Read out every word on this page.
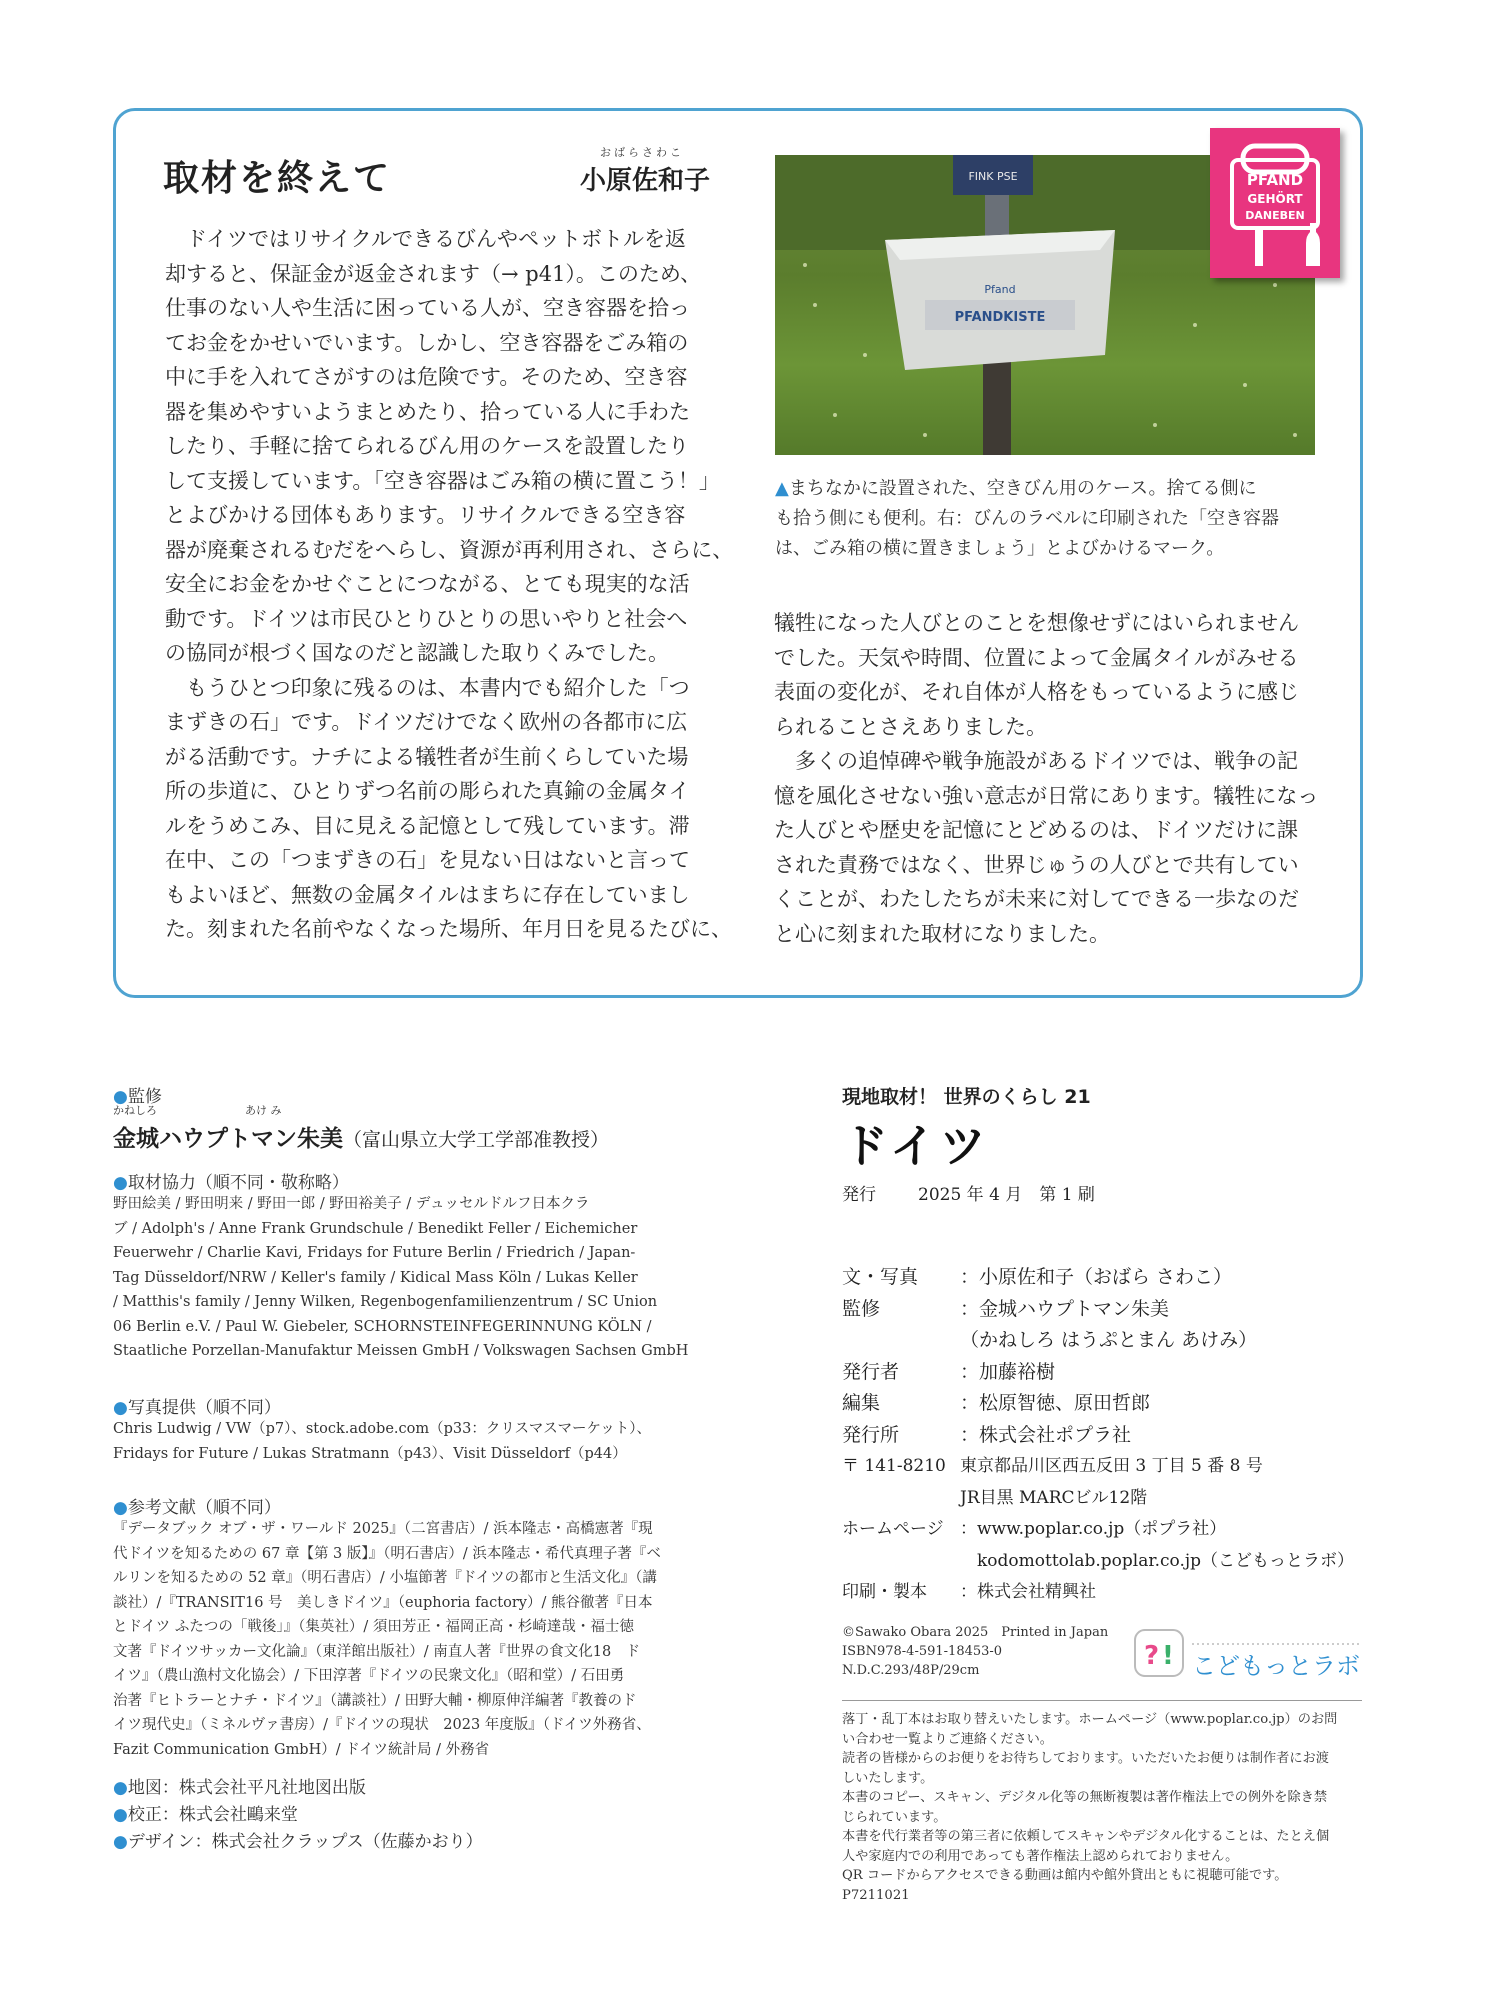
取材を終えて
おばらさわこ
小原佐和子

　ドイツではリサイクルできるびんやペットボトルを返

却すると、保証金が返金されます（→ p41）。このため、

仕事のない人や生活に困っている人が、空き容器を拾っ

てお金をかせいでいます。しかし、空き容器をごみ箱の

中に手を入れてさがすのは危険です。そのため、空き容

器を集めやすいようまとめたり、拾っている人に手わた

したり、手軽に捨てられるびん用のケースを設置したり

して支援しています。「空き容器はごみ箱の横に置こう！」

とよびかける団体もあります。リサイクルできる空き容

器が廃棄されるむだをへらし、資源が再利用され、さらに、

安全にお金をかせぐことにつながる、とても現実的な活

動です。ドイツは市民ひとりひとりの思いやりと社会へ

の協同が根づく国なのだと認識した取りくみでした。

　もうひとつ印象に残るのは、本書内でも紹介した「つ

まずきの石」です。ドイツだけでなく欧州の各都市に広

がる活動です。ナチによる犠牲者が生前くらしていた場

所の歩道に、ひとりずつ名前の彫られた真鍮の金属タイ

ルをうめこみ、目に見える記憶として残しています。滞

在中、この「つまずきの石」を見ない日はないと言って

もよいほど、無数の金属タイルはまちに存在していまし

た。刻まれた名前やなくなった場所、年月日を見るたびに、

FINK PSE
PFANDKISTE
Pfand
PFAND
GEHÖRT
DANEBEN
▲まちなかに設置された、空きびん用のケース。捨てる側に
も拾う側にも便利。右：びんのラベルに印刷された「空き容器
は、ごみ箱の横に置きましょう」とよびかけるマーク。

犠牲になった人びとのことを想像せずにはいられません

でした。天気や時間、位置によって金属タイルがみせる

表面の変化が、それ自体が人格をもっているように感じ

られることさえありました。

　多くの追悼碑や戦争施設があるドイツでは、戦争の記

憶を風化させない強い意志が日常にあります。犠牲になっ

た人びとや歴史を記憶にとどめるのは、ドイツだけに課

された責務ではなく、世界じゅうの人びとで共有してい

くことが、わたしたちが未来に対してできる一歩なのだ

と心に刻まれた取材になりました。

●監修
かねしろ　　　　　　　　あけ み
金城ハウプトマン朱美（富山県立大学工学部准教授）
●取材協力（順不同・敬称略）
野田絵美 / 野田明来 / 野田一郎 / 野田裕美子 / デュッセルドルフ日本クラ
ブ / Adolph's / Anne Frank Grundschule / Benedikt Feller / Eichemicher
Feuerwehr / Charlie Kavi, Fridays for Future Berlin / Friedrich / Japan-
Tag Düsseldorf/NRW / Keller's family / Kidical Mass Köln / Lukas Keller
/ Matthis's family / Jenny Wilken, Regenbogenfamilienzentrum / SC Union
06 Berlin e.V. / Paul W. Giebeler, SCHORNSTEINFEGERINNUNG KÖLN /
Staatliche Porzellan-Manufaktur Meissen GmbH / Volkswagen Sachsen GmbH
●写真提供（順不同）
Chris Ludwig / VW（p7）、stock.adobe.com（p33：クリスマスマーケット）、
Fridays for Future / Lukas Stratmann（p43）、Visit Düsseldorf（p44）
●参考文献（順不同）
『データブック オブ・ザ・ワールド 2025』（二宮書店）/ 浜本隆志・高橋憲著『現
代ドイツを知るための 67 章【第 3 版】』（明石書店）/ 浜本隆志・希代真理子著『ベ
ルリンを知るための 52 章』（明石書店）/ 小塩節著『ドイツの都市と生活文化』（講
談社）/『TRANSIT16 号　美しきドイツ』（euphoria factory）/ 熊谷徹著『日本
とドイツ ふたつの「戦後」』（集英社）/ 須田芳正・福岡正高・杉崎達哉・福士徳
文著『ドイツサッカー文化論』（東洋館出版社）/ 南直人著『世界の食文化18　ド
イツ』（農山漁村文化協会）/ 下田淳著『ドイツの民衆文化』（昭和堂）/ 石田勇
治著『ヒトラーとナチ・ドイツ』（講談社）/ 田野大輔・柳原伸洋編著『教養のド
イツ現代史』（ミネルヴァ書房）/『ドイツの現状　2023 年度版』（ドイツ外務省、
Fazit Communication GmbH）/ ドイツ統計局 / 外務省
●地図：株式会社平凡社地図出版
●校正：株式会社鷗来堂
●デザイン：株式会社クラップス（佐藤かおり）
現地取材！ 世界のくらし 21
ドイツ
発行 2025 年 4 月　第 1 刷
文・写真 ：小原佐和子（おばら さわこ）
監修	：金城ハウプトマン朱美
（かねしろ はうぷとまん あけみ）
発行者	：加藤裕樹
編集	：松原智徳、原田哲郎
発行所	：株式会社ポプラ社
〒 141-8210 東京都品川区西五反田 3 丁目 5 番 8 号
JR目黒 MARCビル12階
ホームページ ：www.poplar.co.jp（ポプラ社）
　kodomottolab.poplar.co.jp（こどもっとラボ）
印刷・製本 ：株式会社精興社
©Sawako Obara 2025　Printed in Japan
ISBN978-4-591-18453-0
N.D.C.293/48P/29cm	? ! こどもっとラボ
落丁・乱丁本はお取り替えいたします。ホームページ（www.poplar.co.jp）のお問
い合わせ一覧よりご連絡ください。
読者の皆様からのお便りをお待ちしております。いただいたお便りは制作者にお渡
しいたします。
本書のコピー、スキャン、デジタル化等の無断複製は著作権法上での例外を除き禁
じられています。
本書を代行業者等の第三者に依頼してスキャンやデジタル化することは、たとえ個
人や家庭内での利用であっても著作権法上認められておりません。
QR コードからアクセスできる動画は館内や館外貸出ともに視聴可能です。
P7211021
